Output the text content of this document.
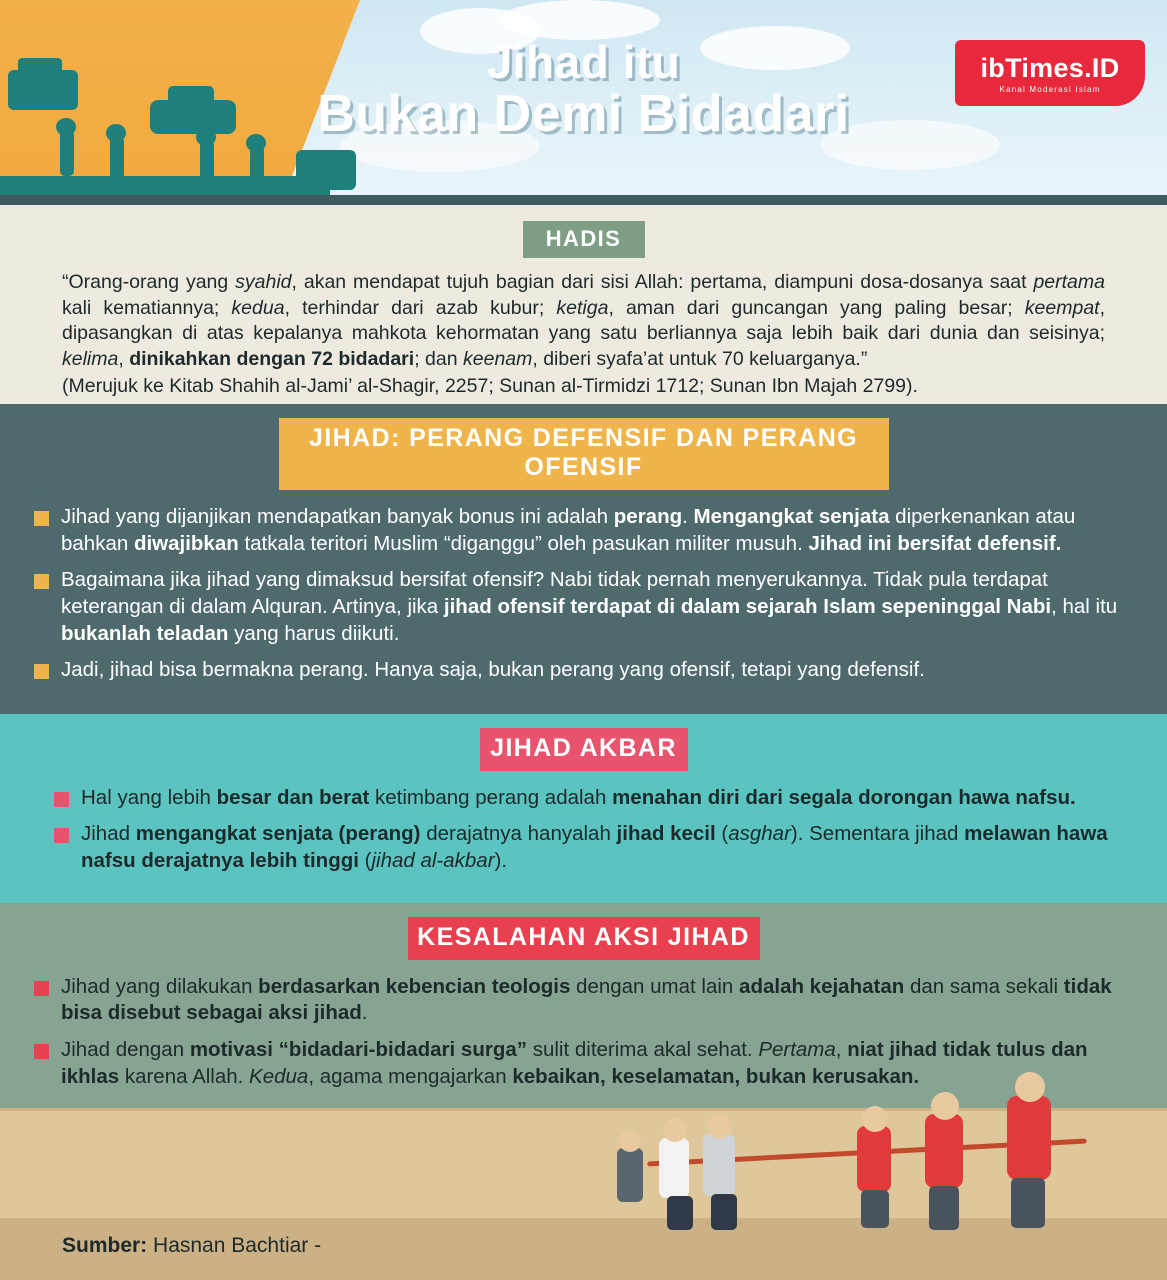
Jihad itu
Bukan Demi Bidadari
ibTimes.ID
Kanal Moderasi Islam
HADIS
“Orang-orang yang syahid, akan mendapat tujuh bagian dari sisi Allah: pertama, diampuni dosa-dosanya saat pertama kali kematiannya; kedua, terhindar dari azab kubur; ketiga, aman dari guncangan yang paling besar; keempat, dipasangkan di atas kepalanya mahkota kehormatan yang satu berliannya saja lebih baik dari dunia dan seisinya; kelima, dinikahkan dengan 72 bidadari; dan keenam, diberi syafa’at untuk 70 keluarganya.”
(Merujuk ke Kitab Shahih al-Jami’ al-Shagir, 2257; Sunan al-Tirmidzi 1712; Sunan Ibn Majah 2799).
JIHAD: PERANG DEFENSIF DAN PERANG OFENSIF

Jihad yang dijanjikan mendapatkan banyak bonus ini adalah perang. Mengangkat senjata diperkenankan atau bahkan diwajibkan tatkala teritori Muslim “diganggu” oleh pasukan militer musuh. Jihad ini bersifat defensif.

Bagaimana jika jihad yang dimaksud bersifat ofensif? Nabi tidak pernah menyerukannya. Tidak pula terdapat keterangan di dalam Alquran. Artinya, jika jihad ofensif terdapat di dalam sejarah Islam sepeninggal Nabi, hal itu bukanlah teladan yang harus diikuti.

Jadi, jihad bisa bermakna perang. Hanya saja, bukan perang yang ofensif, tetapi yang defensif.

JIHAD AKBAR

Hal yang lebih besar dan berat ketimbang perang adalah menahan diri dari segala dorongan hawa nafsu.

Jihad mengangkat senjata (perang) derajatnya hanyalah jihad kecil (asghar). Sementara jihad melawan hawa nafsu derajatnya lebih tinggi (jihad al-akbar).

KESALAHAN AKSI JIHAD

Jihad yang dilakukan berdasarkan kebencian teologis dengan umat lain adalah kejahatan dan sama sekali tidak bisa disebut sebagai aksi jihad.

Jihad dengan motivasi “bidadari-bidadari surga” sulit diterima akal sehat. Pertama, niat jihad tidak tulus dan ikhlas karena Allah. Kedua, agama mengajarkan kebaikan, keselamatan, bukan kerusakan.

Sumber: Hasnan Bachtiar -
